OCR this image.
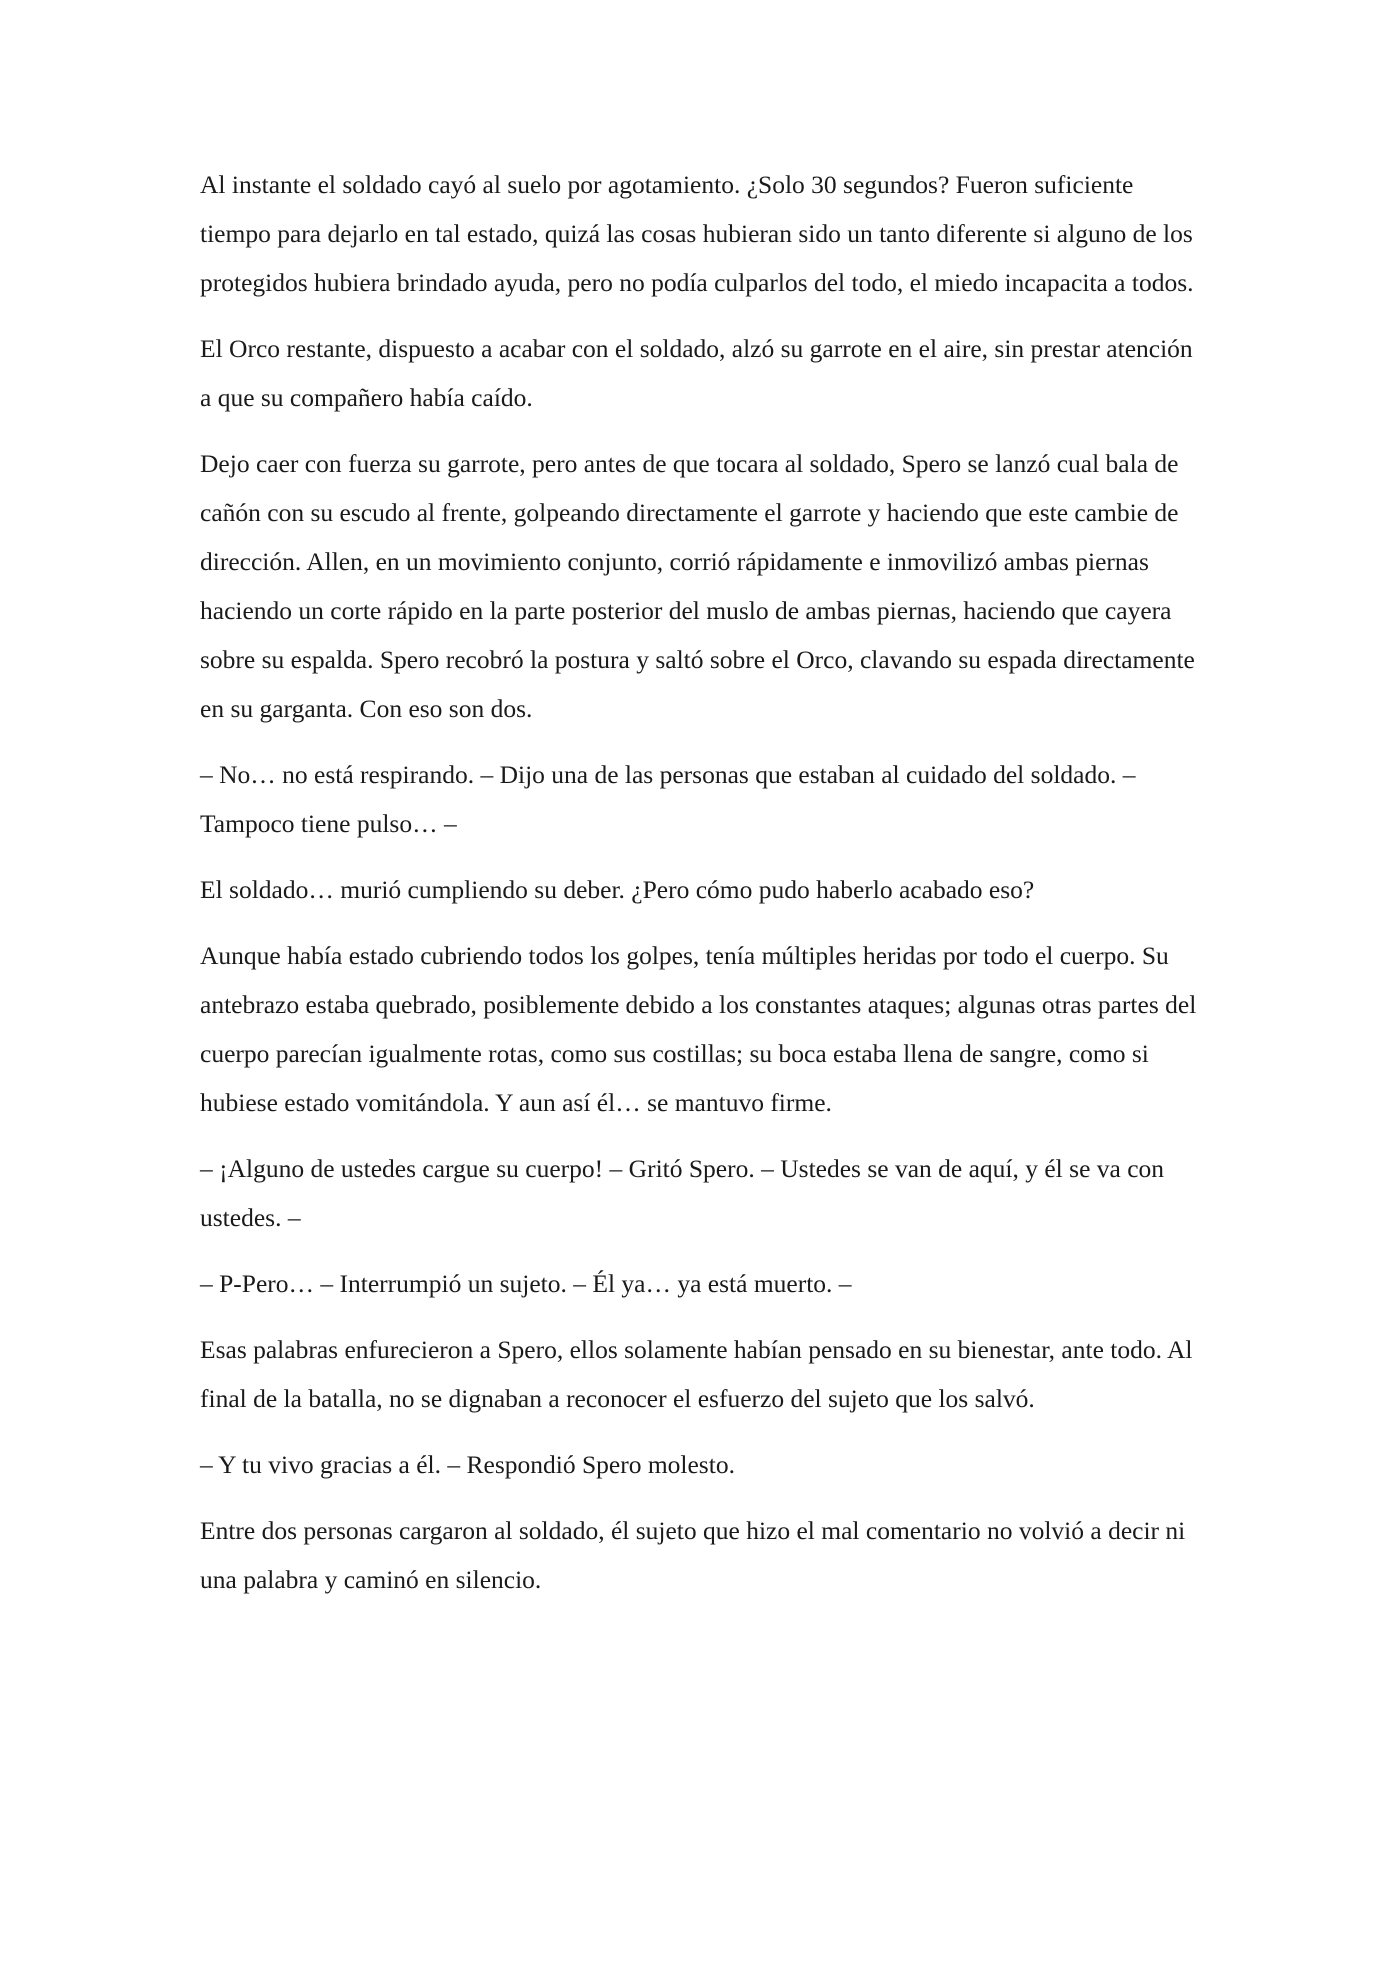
Al instante el soldado cayó al suelo por agotamiento. ¿Solo 30 segundos? Fueron suficiente tiempo para dejarlo en tal estado, quizá las cosas hubieran sido un tanto diferente si alguno de los protegidos hubiera brindado ayuda, pero no podía culparlos del todo, el miedo incapacita a todos.

El Orco restante, dispuesto a acabar con el soldado, alzó su garrote en el aire, sin prestar atención a que su compañero había caído.

Dejo caer con fuerza su garrote, pero antes de que tocara al soldado, Spero se lanzó cual bala de cañón con su escudo al frente, golpeando directamente el garrote y haciendo que este cambie de dirección. Allen, en un movimiento conjunto, corrió rápidamente e inmovilizó ambas piernas haciendo un corte rápido en la parte posterior del muslo de ambas piernas, haciendo que cayera sobre su espalda. Spero recobró la postura y saltó sobre el Orco, clavando su espada directamente en su garganta. Con eso son dos.

– No… no está respirando. – Dijo una de las personas que estaban al cuidado del soldado. – Tampoco tiene pulso… –

El soldado… murió cumpliendo su deber. ¿Pero cómo pudo haberlo acabado eso?

Aunque había estado cubriendo todos los golpes, tenía múltiples heridas por todo el cuerpo. Su antebrazo estaba quebrado, posiblemente debido a los constantes ataques; algunas otras partes del cuerpo parecían igualmente rotas, como sus costillas; su boca estaba llena de sangre, como si hubiese estado vomitándola. Y aun así él… se mantuvo firme.

– ¡Alguno de ustedes cargue su cuerpo! – Gritó Spero. – Ustedes se van de aquí, y él se va con ustedes. –

– P-Pero… – Interrumpió un sujeto. – Él ya… ya está muerto. –

Esas palabras enfurecieron a Spero, ellos solamente habían pensado en su bienestar, ante todo. Al final de la batalla, no se dignaban a reconocer el esfuerzo del sujeto que los salvó.

– Y tu vivo gracias a él. – Respondió Spero molesto.

Entre dos personas cargaron al soldado, él sujeto que hizo el mal comentario no volvió a decir ni una palabra y caminó en silencio.
